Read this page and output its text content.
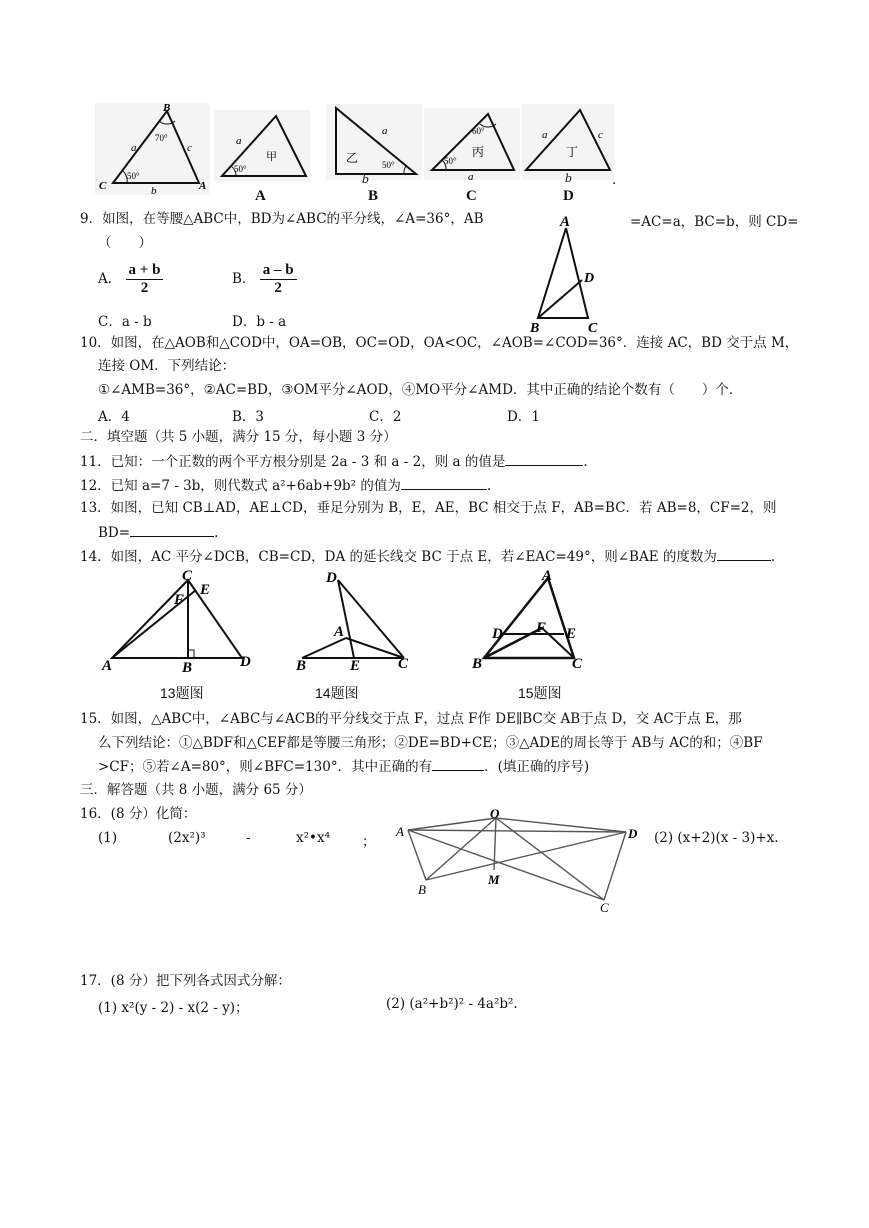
B
70°
a	c
50°
C	b	A
a
50°
甲
A
a
乙	50°
b
B
60°
50°
丙
a
C
a	c
丁
b
D
.
9．如图，在等腰△ABC中，BD为∠ABC的平分线，∠A=36°，AB	=AC=a，BC=b，则 CD=
（　　）
A． $\frac{a + b}{2}$	B． $\frac{a - b}{2}$
C．a - b	D．b - a
A
D
B	C
10．如图，在△AOB和△COD中，OA=OB，OC=OD，OA<OC，∠AOB=∠COD=36°．连接 AC，BD 交于点 M，
连接 OM．下列结论：
①∠AMB=36°，②AC=BD，③OM平分∠AOD，④MO平分∠AMD．其中正确的结论个数有（　　）个．
A．4	B．3	C．2	D．1
二．填空题（共 5 小题，满分 15 分，每小题 3 分）
11．已知：一个正数的两个平方根分别是 2a - 3 和 a - 2，则 a 的值是	.
12．已知 a=7 - 3b，则代数式 a²+6ab+9b² 的值为	.
13．如图，已知 CB⊥AD，AE⊥CD，垂足分别为 B，E，AE，BC 相交于点 F，AB=BC．若 AB=8，CF=2，则
BD=	.
14．如图，AC 平分∠DCB，CB=CD，DA 的延长线交 BC 于点 E，若∠EAC=49°，则∠BAE 的度数为	.
C
E
F
A	B	D
13题图
D
A
B	E	C
14题图
A
D F E
B	C
15题图
15．如图，△ABC中，∠ABC与∠ACB的平分线交于点 F，过点 F作 DE∥BC交 AB于点 D，交 AC于点 E，那
么下列结论：①△BDF和△CEF都是等腰三角形；②DE=BD+CE；③△ADE的周长等于 AB与 AC的和；④BF
>CF；⑤若∠A=80°，则∠BFC=130°．其中正确的有	．(填正确的序号)
三．解答题（共 8 小题，满分 65 分）
16．(8 分）化简：
(1)	(2x²)³	-	x²•x⁴ ；	(2) (x+2)(x - 3)+x.
A
O
D
B
M
C
17．(8 分）把下列各式因式分解：
(1) x²(y - 2) - x(2 - y)；	(2) (a²+b²)² - 4a²b².
